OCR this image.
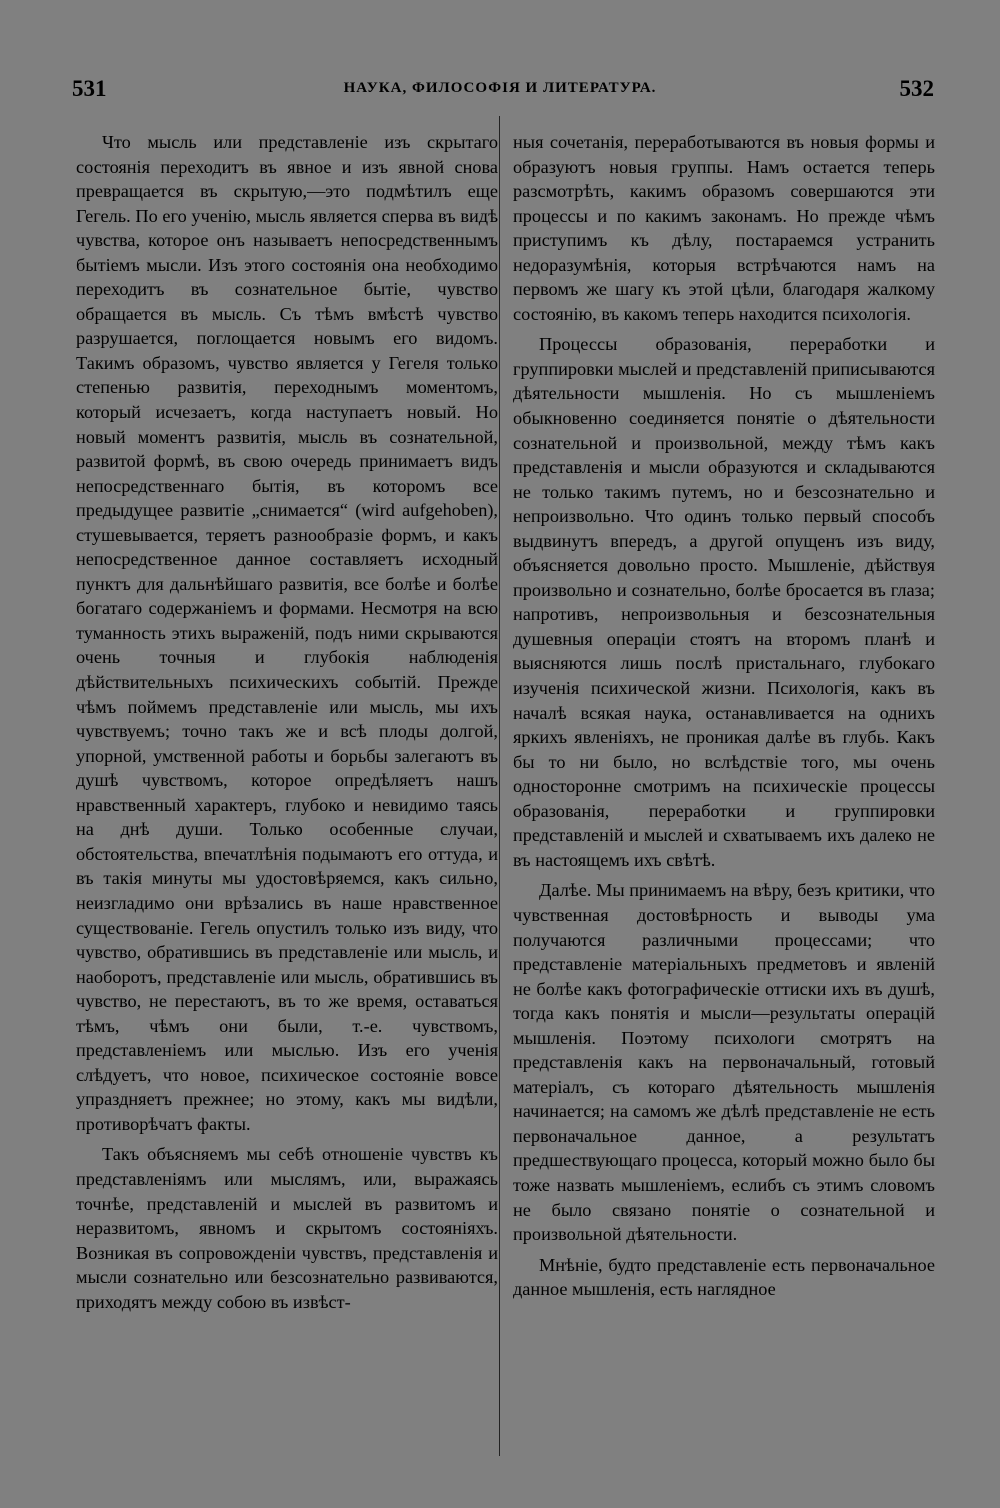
531	НАУКА, ФИЛОСОФІЯ И ЛИТЕРАТУРА.	532

Что мысль или представленіе изъ скрытаго состоянія переходитъ въ явное и изъ явной снова превращается въ скрытую,—это подмѣтилъ еще Гегель. По его ученію, мысль является сперва въ видѣ чувства, которое онъ называетъ непосредственнымъ бытіемъ мысли. Изъ этого состоянія она необходимо переходитъ въ сознательное бытіе, чувство обращается въ мысль. Съ тѣмъ вмѣстѣ чувство разрушается, поглощается новымъ его видомъ. Такимъ образомъ, чувство является у Гегеля только степенью развитія, переходнымъ моментомъ, который исчезаетъ, когда наступаетъ новый. Но новый моментъ развитія, мысль въ сознательной, развитой формѣ, въ свою очередь принимаетъ видъ непосредственнаго бытія, въ которомъ все предыдущее развитіе „снимается“ (wird aufgehoben), стушевывается, теряетъ разнообразіе формъ, и какъ непосредственное данное составляетъ исходный пунктъ для дальнѣйшаго развитія, все болѣе и болѣе богатаго содержаніемъ и формами. Несмотря на всю туманность этихъ выраженій, подъ ними скрываются очень точныя и глубокія наблюденія дѣйствительныхъ психическихъ событій. Прежде чѣмъ поймемъ представленіе или мысль, мы ихъ чувствуемъ; точно такъ же и всѣ плоды долгой, упорной, умственной работы и борьбы залегаютъ въ душѣ чувствомъ, которое опредѣляетъ нашъ нравственный характеръ, глубоко и невидимо таясь на днѣ души. Только особенные случаи, обстоятельства, впечатлѣнія подымаютъ его оттуда, и въ такія минуты мы удостовѣряемся, какъ сильно, неизгладимо они врѣзались въ наше нравственное существованіе. Гегель опустилъ только изъ виду, что чувство, обратившись въ представленіе или мысль, и наоборотъ, представленіе или мысль, обратившись въ чувство, не перестаютъ, въ то же время, оставаться тѣмъ, чѣмъ они были, т.-е. чувствомъ, представленіемъ или мыслью. Изъ его ученія слѣдуетъ, что новое, психическое состояніе вовсе упраздняетъ прежнее; но этому, какъ мы видѣли, противорѣчатъ факты.

Такъ объясняемъ мы себѣ отношеніе чувствъ къ представленіямъ или мыслямъ, или, выражаясь точнѣе, представленій и мыслей въ развитомъ и неразвитомъ, явномъ и скрытомъ состояніяхъ. Возникая въ сопровожденіи чувствъ, представленія и мысли сознательно или безсознательно развиваются, приходятъ между собою въ извѣст-

ныя сочетанія, переработываются въ новыя формы и образуютъ новыя группы. Намъ остается теперь разсмотрѣть, какимъ образомъ совершаются эти процессы и по какимъ законамъ. Но прежде чѣмъ приступимъ къ дѣлу, постараемся устранить недоразумѣнія, которыя встрѣчаются намъ на первомъ же шагу къ этой цѣли, благодаря жалкому состоянію, въ какомъ теперь находится психологія.

Процессы образованія, переработки и группировки мыслей и представленій приписываются дѣятельности мышленія. Но съ мышленіемъ обыкновенно соединяется понятіе о дѣятельности сознательной и произвольной, между тѣмъ какъ представленія и мысли образуются и складываются не только такимъ путемъ, но и безсознательно и непроизвольно. Что одинъ только первый способъ выдвинутъ впередъ, а другой опущенъ изъ виду, объясняется довольно просто. Мышленіе, дѣйствуя произвольно и сознательно, болѣе бросается въ глаза; напротивъ, непроизвольныя и безсознательныя душевныя операціи стоятъ на второмъ планѣ и выясняются лишь послѣ пристальнаго, глубокаго изученія психической жизни. Психологія, какъ въ началѣ всякая наука, останавливается на однихъ яркихъ явленіяхъ, не проникая далѣе въ глубь. Какъ бы то ни было, но вслѣдствіе того, мы очень односторонне смотримъ на психическіе процессы образованія, переработки и группировки представленій и мыслей и схватываемъ ихъ далеко не въ настоящемъ ихъ свѣтѣ.

Далѣе. Мы принимаемъ на вѣру, безъ критики, что чувственная достовѣрность и выводы ума получаются различными процессами; что представленіе матеріальныхъ предметовъ и явленій не болѣе какъ фотографическіе оттиски ихъ въ душѣ, тогда какъ понятія и мысли—результаты операцій мышленія. Поэтому психологи смотрятъ на представленія какъ на первоначальный, готовый матеріалъ, съ котораго дѣятельность мышленія начинается; на самомъ же дѣлѣ представленіе не есть первоначальное данное, а результатъ предшествующаго процесса, который можно было бы тоже назвать мышленіемъ, еслибъ съ этимъ словомъ не было связано понятіе о сознательной и произвольной дѣятельности.

Мнѣніе, будто представленіе есть первоначальное данное мышленія, есть наглядное
